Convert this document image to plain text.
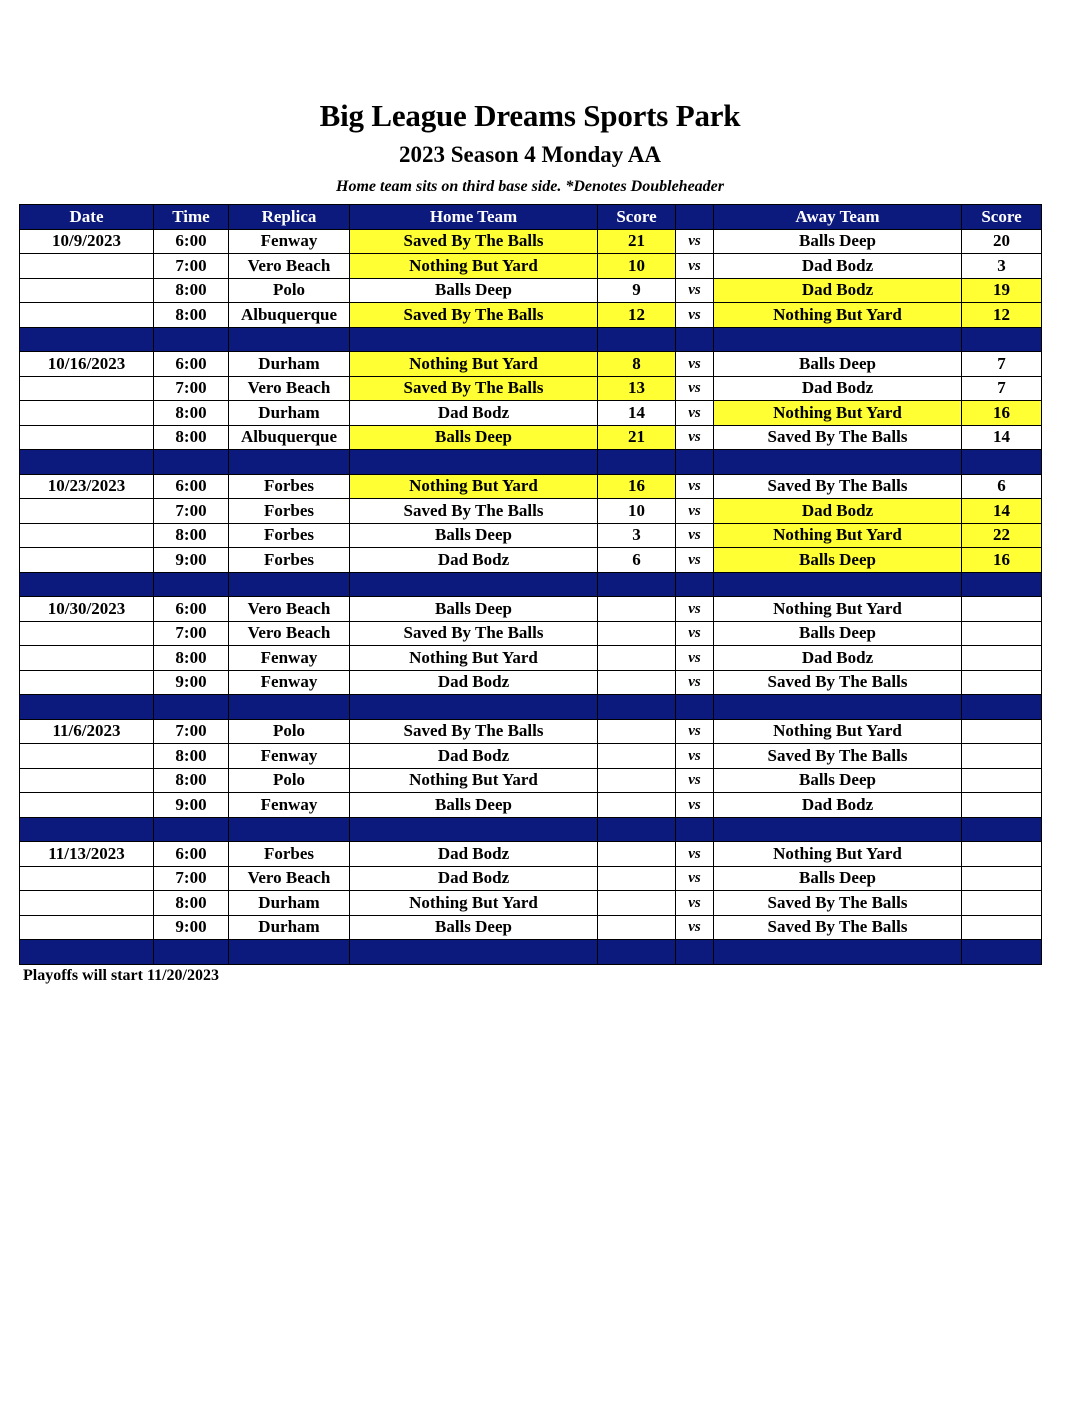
Big League Dreams Sports Park
2023 Season 4 Monday AA
Home team sits on third base side. *Denotes Doubleheader
Date	Time	Replica	Home Team	Score		Away Team	Score
10/9/2023	6:00	Fenway	Saved By The Balls	21	vs	Balls Deep	20
	7:00	Vero Beach	Nothing But Yard	10	vs	Dad Bodz	3
	8:00	Polo	Balls Deep	9	vs	Dad Bodz	19
	8:00	Albuquerque	Saved By The Balls	12	vs	Nothing But Yard	12

10/16/2023	6:00	Durham	Nothing But Yard	8	vs	Balls Deep	7
	7:00	Vero Beach	Saved By The Balls	13	vs	Dad Bodz	7
	8:00	Durham	Dad Bodz	14	vs	Nothing But Yard	16
	8:00	Albuquerque	Balls Deep	21	vs	Saved By The Balls	14

10/23/2023	6:00	Forbes	Nothing But Yard	16	vs	Saved By The Balls	6
	7:00	Forbes	Saved By The Balls	10	vs	Dad Bodz	14
	8:00	Forbes	Balls Deep	3	vs	Nothing But Yard	22
	9:00	Forbes	Dad Bodz	6	vs	Balls Deep	16

10/30/2023	6:00	Vero Beach	Balls Deep		vs	Nothing But Yard	
	7:00	Vero Beach	Saved By The Balls		vs	Balls Deep	
	8:00	Fenway	Nothing But Yard		vs	Dad Bodz	
	9:00	Fenway	Dad Bodz		vs	Saved By The Balls	

11/6/2023	7:00	Polo	Saved By The Balls		vs	Nothing But Yard	
	8:00	Fenway	Dad Bodz		vs	Saved By The Balls	
	8:00	Polo	Nothing But Yard		vs	Balls Deep	
	9:00	Fenway	Balls Deep		vs	Dad Bodz	

11/13/2023	6:00	Forbes	Dad Bodz		vs	Nothing But Yard	
	7:00	Vero Beach	Dad Bodz		vs	Balls Deep	
	8:00	Durham	Nothing But Yard		vs	Saved By The Balls	
	9:00	Durham	Balls Deep		vs	Saved By The Balls	

Playoffs will start 11/20/2023
